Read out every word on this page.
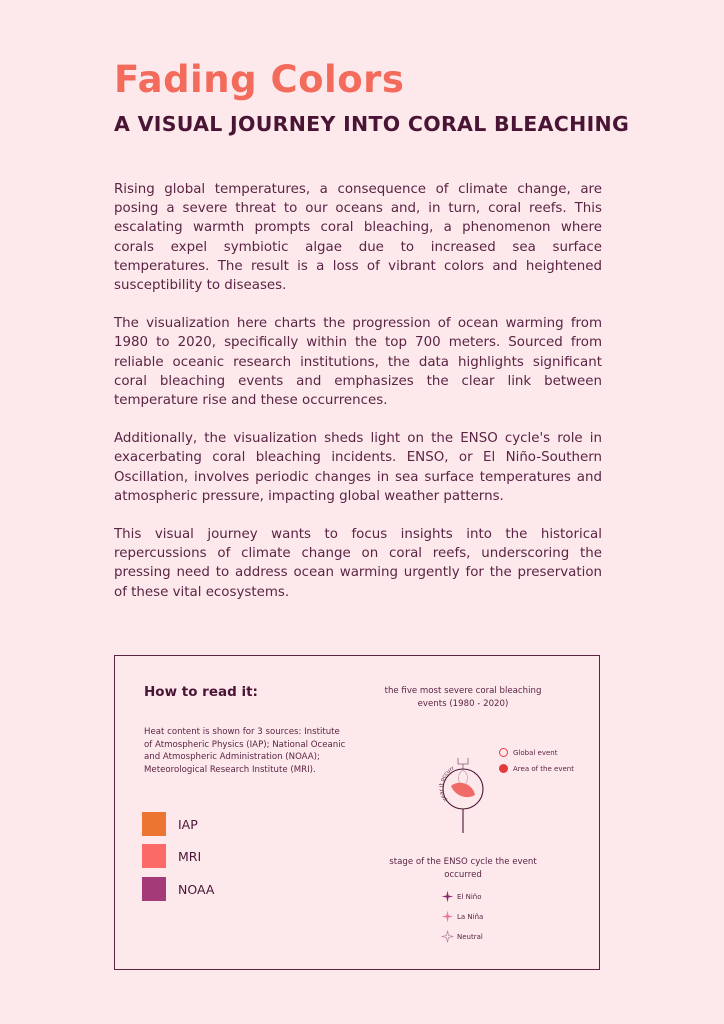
Fading Colors
A VISUAL JOURNEY INTO CORAL BLEACHING

Rising global temperatures, a consequence of climate change, are posing a severe threat to our oceans and, in turn, coral reefs. This escalating warmth prompts coral bleaching, a phenomenon where corals expel symbiotic algae due to increased sea surface temperatures. The result is a loss of vibrant colors and heightened susceptibility to diseases.

The visualization here charts the progression of ocean warming from 1980 to 2020, specifically within the top 700 meters. Sourced from reliable oceanic research institutions, the data highlights significant coral bleaching events and emphasizes the clear link between temperature rise and these occurrences.

Additionally, the visualization sheds light on the ENSO cycle's role in exacerbating coral bleaching incidents. ENSO, or El Niño-Southern Oscillation, involves periodic changes in sea surface temperatures and atmospheric pressure, impacting global weather patterns.

This visual journey wants to focus insights into the historical repercussions of climate change on coral reefs, underscoring the pressing need to address ocean warming urgently for the preservation of these vital ecosystems.

How to read it:
Heat content is shown for 3 sources: Institute of Atmospheric Physics (IAP); National Oceanic and Atmospheric Administration (NOAA); Meteorological Research Institute (MRI).
IAP
MRI
NOAA
the five most severe coral bleaching events (1980 - 2020)
year it occurr
Global event
Area of the event
stage of the ENSO cycle the event occurred
El Niño
La Niña
Neutral
